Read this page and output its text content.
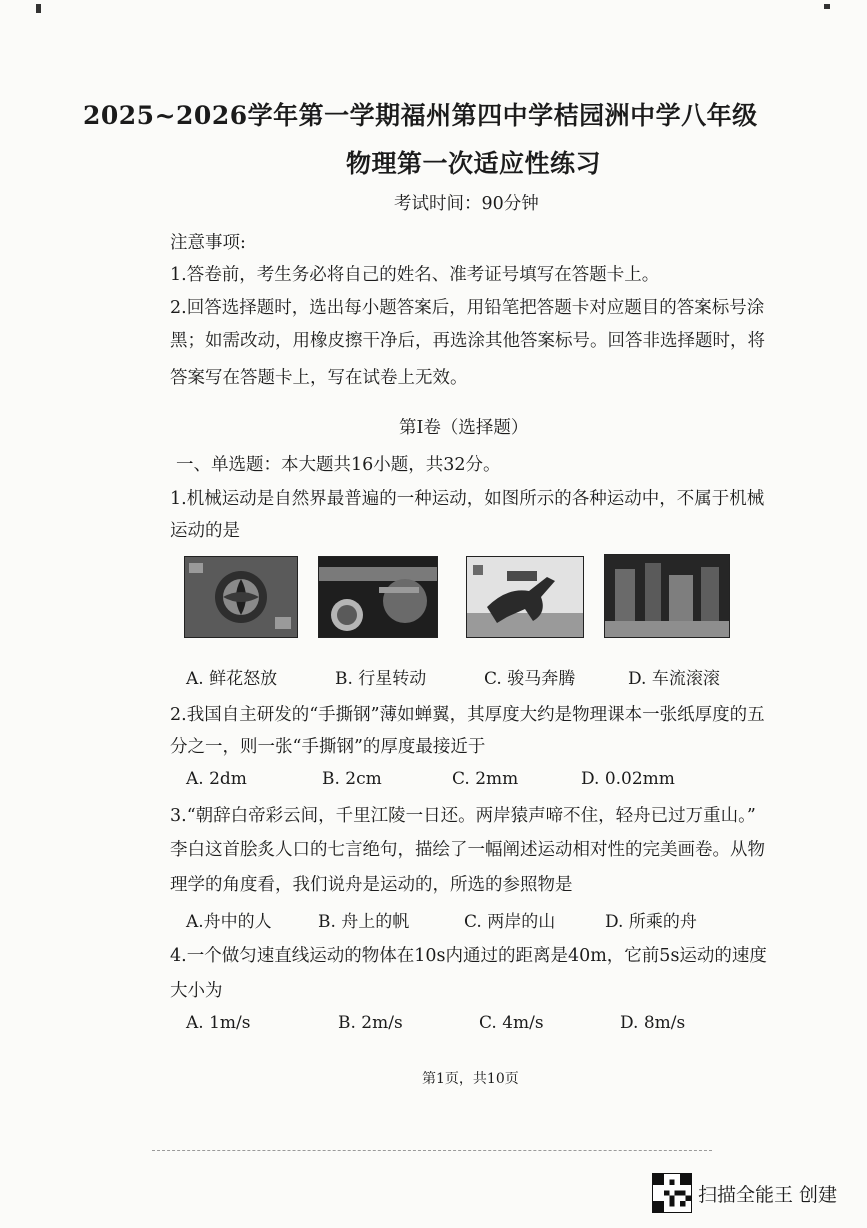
2025~2026学年第一学期福州第四中学桔园洲中学八年级
物理第一次适应性练习
考试时间：90分钟
注意事项:
1.答卷前，考生务必将自己的姓名、准考证号填写在答题卡上。
2.回答选择题时，选出每小题答案后，用铅笔把答题卡对应题目的答案标号涂
黑；如需改动，用橡皮擦干净后，再选涂其他答案标号。回答非选择题时，将
答案写在答题卡上，写在试卷上无效。
第Ⅰ卷（选择题）
一、单选题：本大题共16小题，共32分。
1.机械运动是自然界最普遍的一种运动，如图所示的各种运动中，不属于机械
运动的是
A. 鲜花怒放	B. 行星转动	C. 骏马奔腾	D. 车流滚滚
2.我国自主研发的“手撕钢”薄如蝉翼，其厚度大约是物理课本一张纸厚度的五
分之一，则一张“手撕钢”的厚度最接近于
A. 2dm	B. 2cm	C. 2mm	D. 0.02mm
3.“朝辞白帝彩云间，千里江陵一日还。两岸猿声啼不住，轻舟已过万重山。”
李白这首脍炙人口的七言绝句，描绘了一幅阐述运动相对性的完美画卷。从物
理学的角度看，我们说舟是运动的，所选的参照物是
A.舟中的人	B. 舟上的帆	C. 两岸的山	D. 所乘的舟
4.一个做匀速直线运动的物体在10s内通过的距离是40m，它前5s运动的速度
大小为
A. 1m/s	B. 2m/s	C. 4m/s	D. 8m/s
第1页，共10页
扫描全能王 创建
